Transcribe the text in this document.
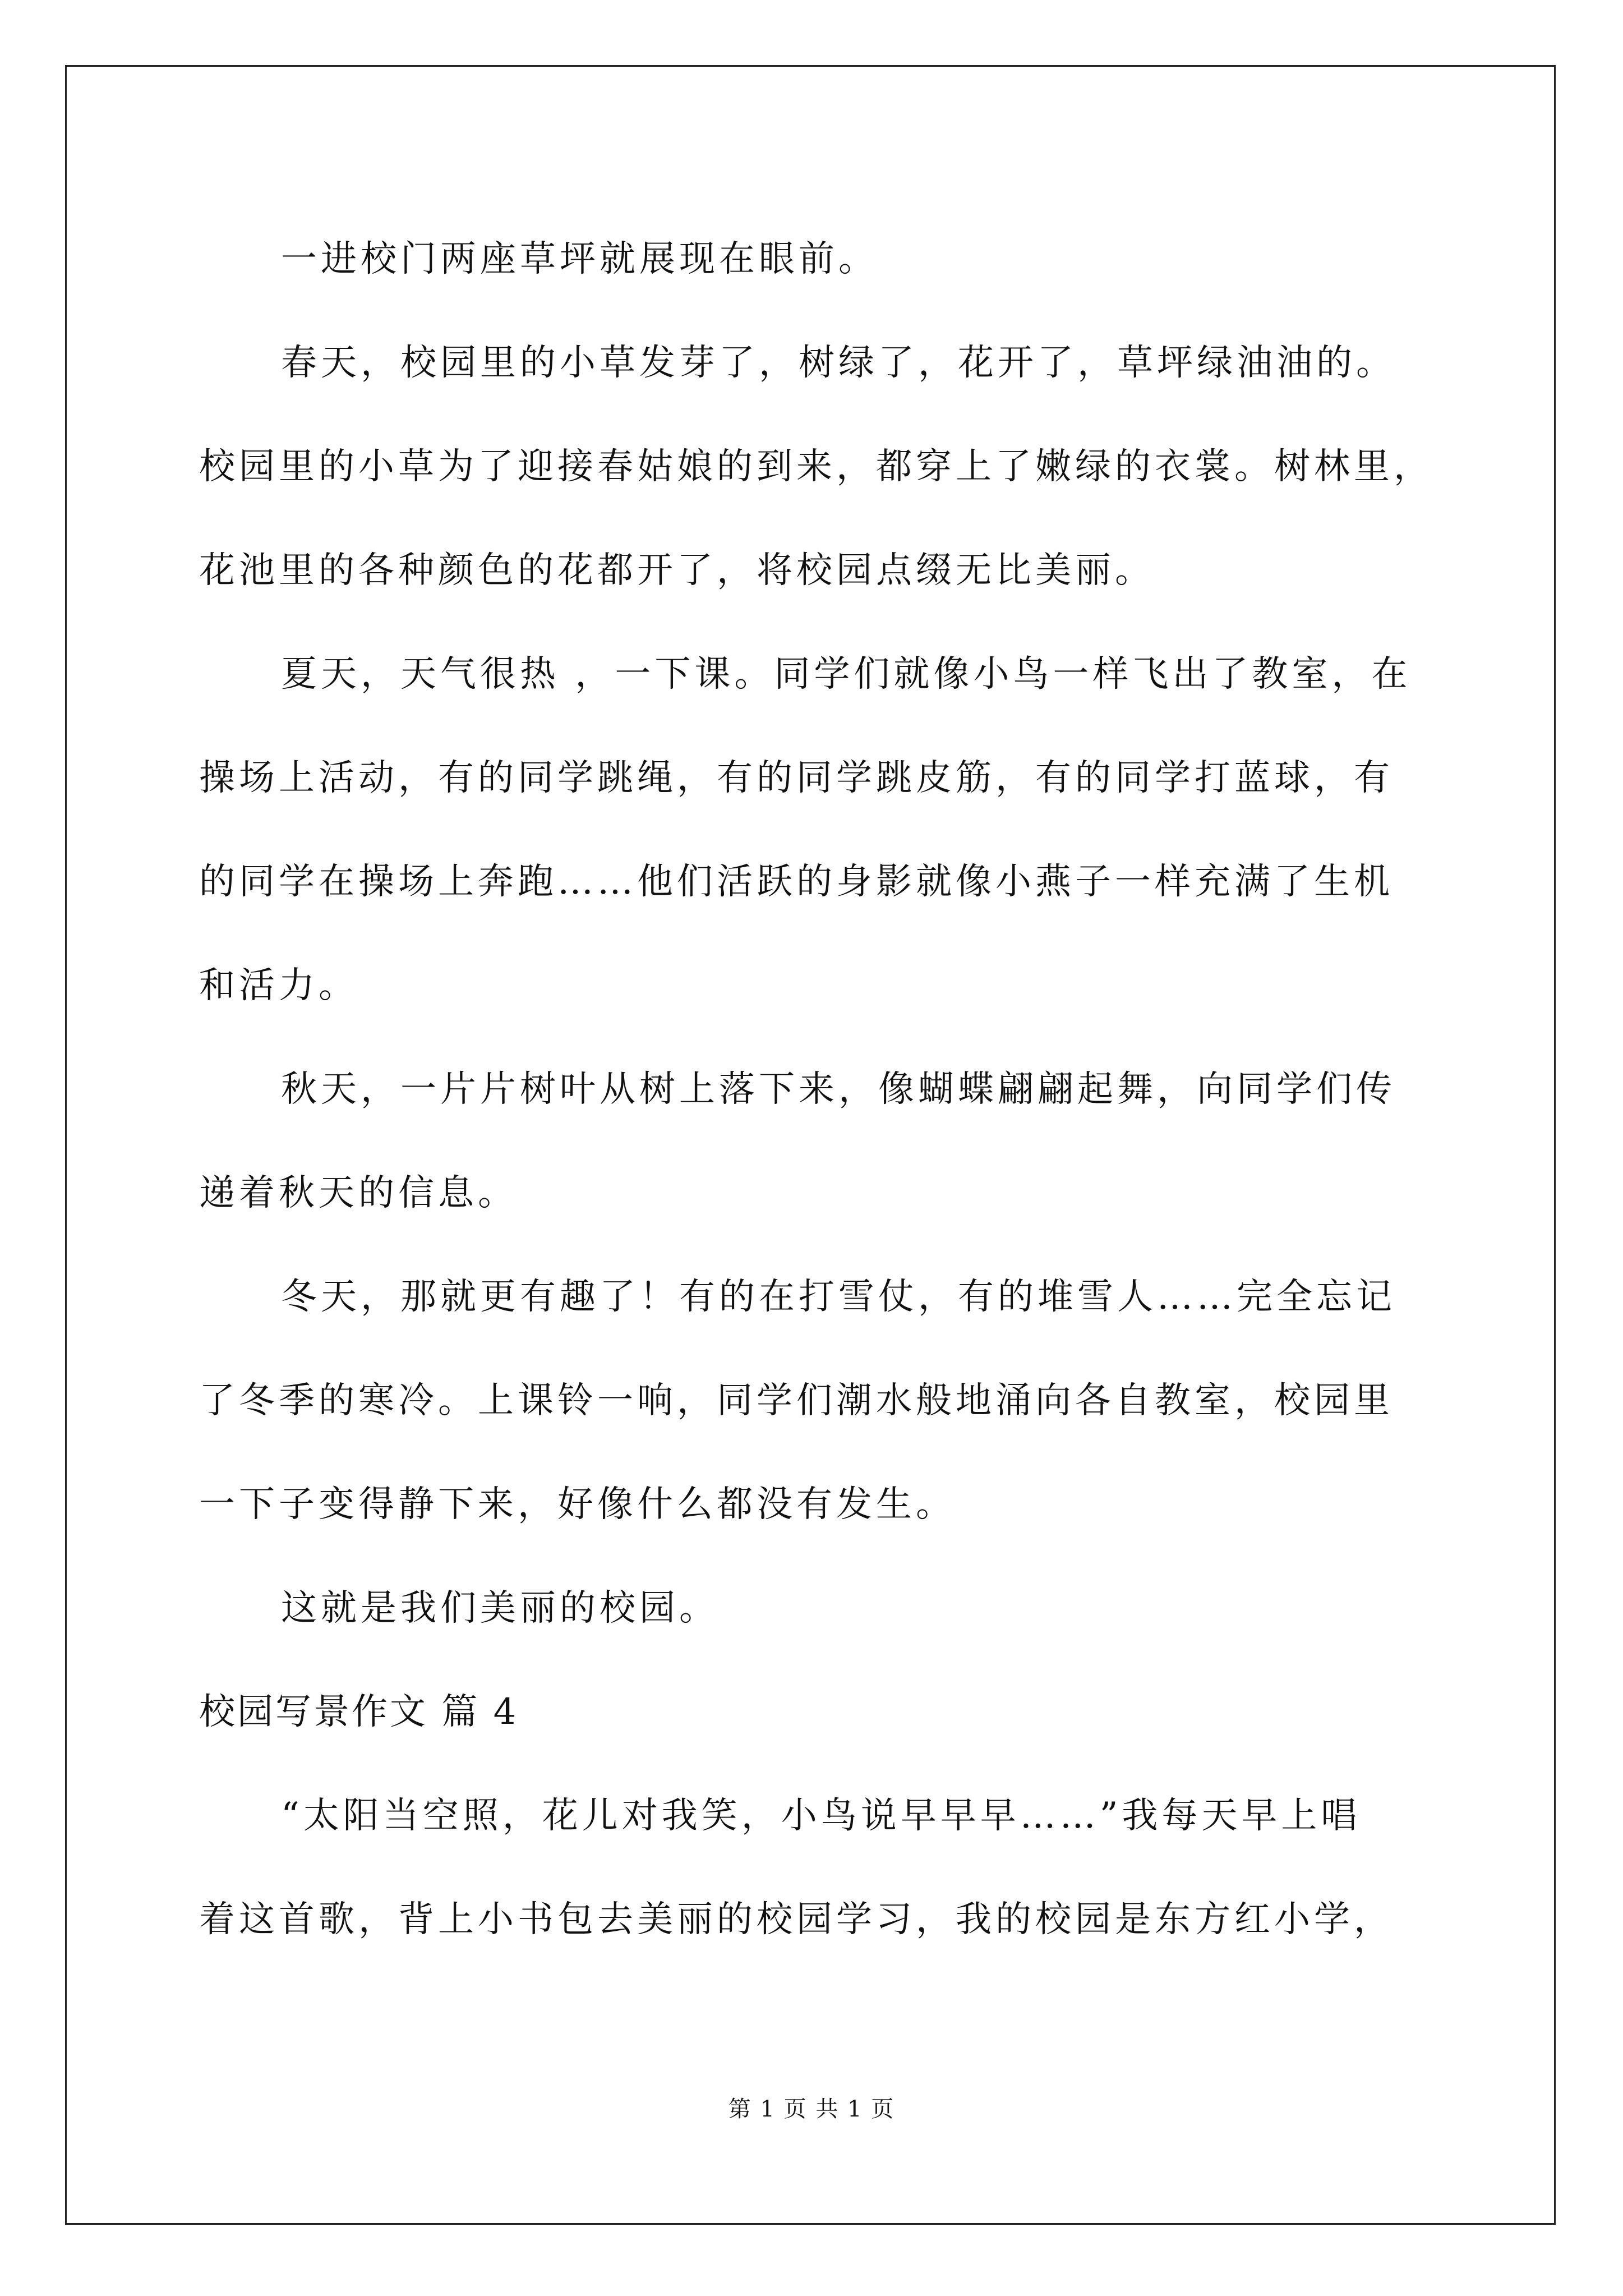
一进校门两座草坪就展现在眼前。

春天，校园里的小草发芽了，树绿了，花开了，草坪绿油油的。

校园里的小草为了迎接春姑娘的到来，都穿上了嫩绿的衣裳。树林里，

花池里的各种颜色的花都开了，将校园点缀无比美丽。

夏天，天气很热 ，一下课。同学们就像小鸟一样飞出了教室，在

操场上活动，有的同学跳绳，有的同学跳皮筋，有的同学打蓝球，有

的同学在操场上奔跑……他们活跃的身影就像小燕子一样充满了生机

和活力。

秋天，一片片树叶从树上落下来，像蝴蝶翩翩起舞，向同学们传

递着秋天的信息。

冬天，那就更有趣了！有的在打雪仗，有的堆雪人……完全忘记

了冬季的寒冷。上课铃一响，同学们潮水般地涌向各自教室，校园里

一下子变得静下来，好像什么都没有发生。

这就是我们美丽的校园。

校园写景作文 篇 4

“太阳当空照，花儿对我笑，小鸟说早早早……”我每天早上唱

着这首歌，背上小书包去美丽的校园学习，我的校园是东方红小学，

第 1 页 共 1 页
